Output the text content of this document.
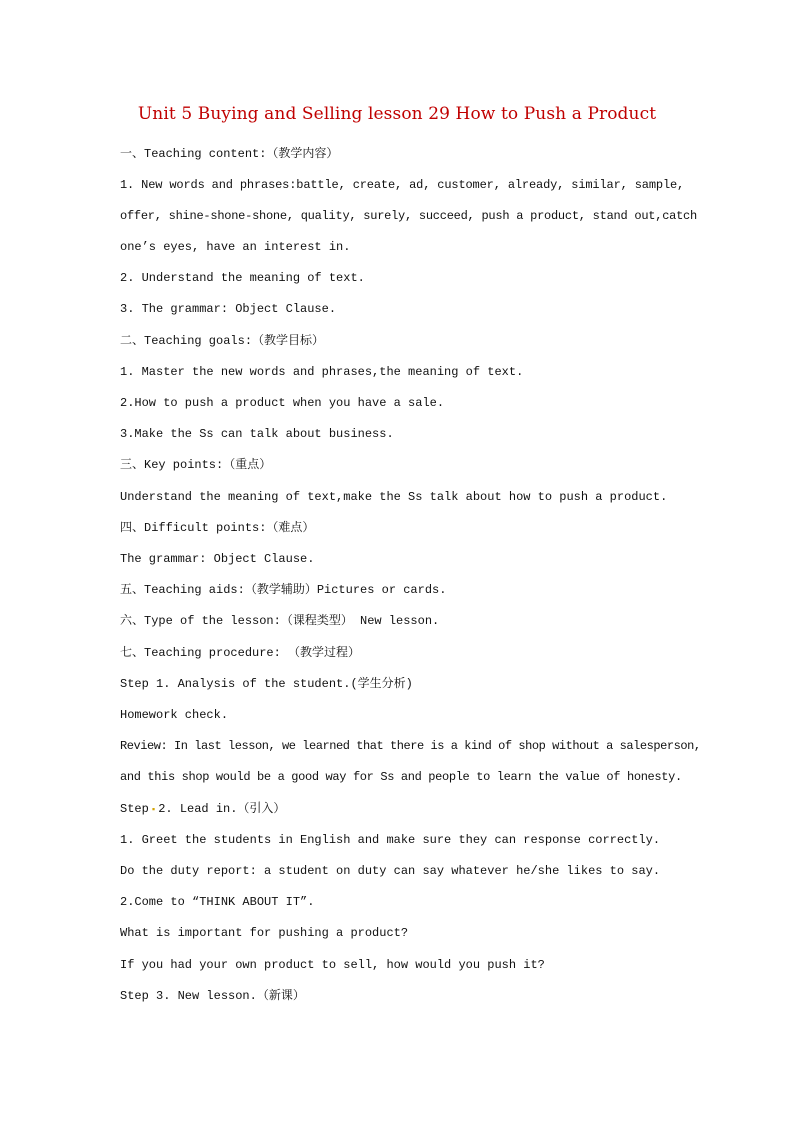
Unit 5 Buying and Selling lesson 29 How to Push a Product
一、Teaching content:（教学内容）
1. New words and phrases:battle, create, ad, customer, already, similar, sample,
offer, shine-shone-shone, quality, surely, succeed, push a product, stand out,catch
one’s eyes, have an interest in.
2. Understand the meaning of text.
3. The grammar: Object Clause.
二、Teaching goals:（教学目标）
1. Master the new words and phrases,the meaning of text.
2.How to push a product when you have a sale.
3.Make the Ss can talk about business.
三、Key points:（重点）
Understand the meaning of text,make the Ss talk about how to push a product.
四、Difficult points:（难点）
The grammar: Object Clause.
五、Teaching aids:（教学辅助）Pictures or cards.
六、Type of the lesson:（课程类型） New lesson.
七、Teaching procedure: （教学过程）
Step 1. Analysis of the student.(学生分析)
Homework check.
Review: In last lesson, we learned that there is a kind of shop without a salesperson,
and this shop would be a good way for Ss and people to learn the value of honesty.
Step ▪ 2. Lead in.（引入）
1. Greet the students in English and make sure they can response correctly.
Do the duty report: a student on duty can say whatever he/she likes to say.
2.Come to “THINK ABOUT IT”.
What is important for pushing a product?
If you had your own product to sell, how would you push it?
Step 3. New lesson.（新课）
